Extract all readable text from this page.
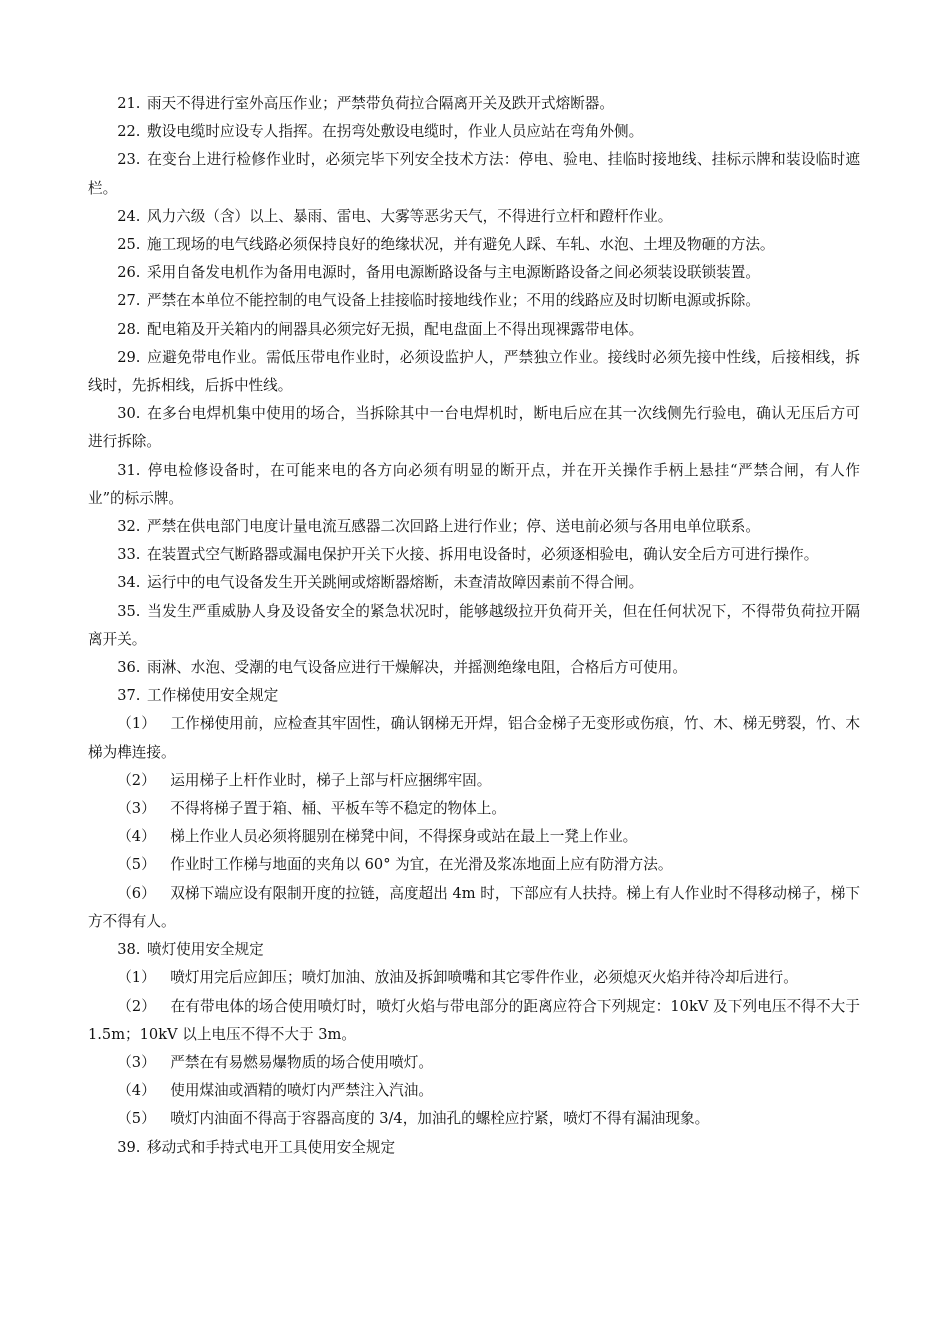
21. 雨天不得进行室外高压作业；严禁带负荷拉合隔离开关及跌开式熔断器。

22. 敷设电缆时应设专人指挥。在拐弯处敷设电缆时，作业人员应站在弯角外侧。

23. 在变台上进行检修作业时，必须完毕下列安全技术方法：停电、验电、挂临时接地线、挂标示牌和装设临时遮栏。

24. 风力六级（含）以上、暴雨、雷电、大雾等恶劣天气，不得进行立杆和蹬杆作业。

25. 施工现场的电气线路必须保持良好的绝缘状况，并有避免人踩、车轧、水泡、土埋及物砸的方法。

26. 采用自备发电机作为备用电源时，备用电源断路设备与主电源断路设备之间必须装设联锁装置。

27. 严禁在本单位不能控制的电气设备上挂接临时接地线作业；不用的线路应及时切断电源或拆除。

28. 配电箱及开关箱内的闸器具必须完好无损，配电盘面上不得出现裸露带电体。

29. 应避免带电作业。需低压带电作业时，必须设监护人，严禁独立作业。接线时必须先接中性线，后接相线，拆线时，先拆相线，后拆中性线。

30. 在多台电焊机集中使用的场合，当拆除其中一台电焊机时，断电后应在其一次线侧先行验电，确认无压后方可进行拆除。

31. 停电检修设备时，在可能来电的各方向必须有明显的断开点，并在开关操作手柄上悬挂“严禁合闸，有人作业”的标示牌。

32. 严禁在供电部门电度计量电流互感器二次回路上进行作业；停、送电前必须与各用电单位联系。

33. 在装置式空气断路器或漏电保护开关下火接、拆用电设备时，必须逐相验电，确认安全后方可进行操作。

34. 运行中的电气设备发生开关跳闸或熔断器熔断，未查清故障因素前不得合闸。

35. 当发生严重威胁人身及设备安全的紧急状况时，能够越级拉开负荷开关，但在任何状况下，不得带负荷拉开隔离开关。

36. 雨淋、水泡、受潮的电气设备应进行干燥解决，并摇测绝缘电阻，合格后方可使用。

37. 工作梯使用安全规定

（1） 工作梯使用前，应检查其牢固性，确认钢梯无开焊，铝合金梯子无变形或伤痕，竹、木、梯无劈裂，竹、木梯为榫连接。

（2） 运用梯子上杆作业时，梯子上部与杆应捆绑牢固。

（3） 不得将梯子置于箱、桶、平板车等不稳定的物体上。

（4） 梯上作业人员必须将腿别在梯凳中间，不得探身或站在最上一凳上作业。

（5） 作业时工作梯与地面的夹角以 60° 为宜，在光滑及浆冻地面上应有防滑方法。

（6） 双梯下端应设有限制开度的拉链，高度超出 4m 时，下部应有人扶持。梯上有人作业时不得移动梯子，梯下方不得有人。

38. 喷灯使用安全规定

（1） 喷灯用完后应卸压；喷灯加油、放油及拆卸喷嘴和其它零件作业，必须熄灭火焰并待冷却后进行。

（2） 在有带电体的场合使用喷灯时，喷灯火焰与带电部分的距离应符合下列规定：10kV 及下列电压不得不大于 1.5m；10kV 以上电压不得不大于 3m。

（3） 严禁在有易燃易爆物质的场合使用喷灯。

（4） 使用煤油或酒精的喷灯内严禁注入汽油。

（5） 喷灯内油面不得高于容器高度的 3/4，加油孔的螺栓应拧紧，喷灯不得有漏油现象。

39. 移动式和手持式电开工具使用安全规定
